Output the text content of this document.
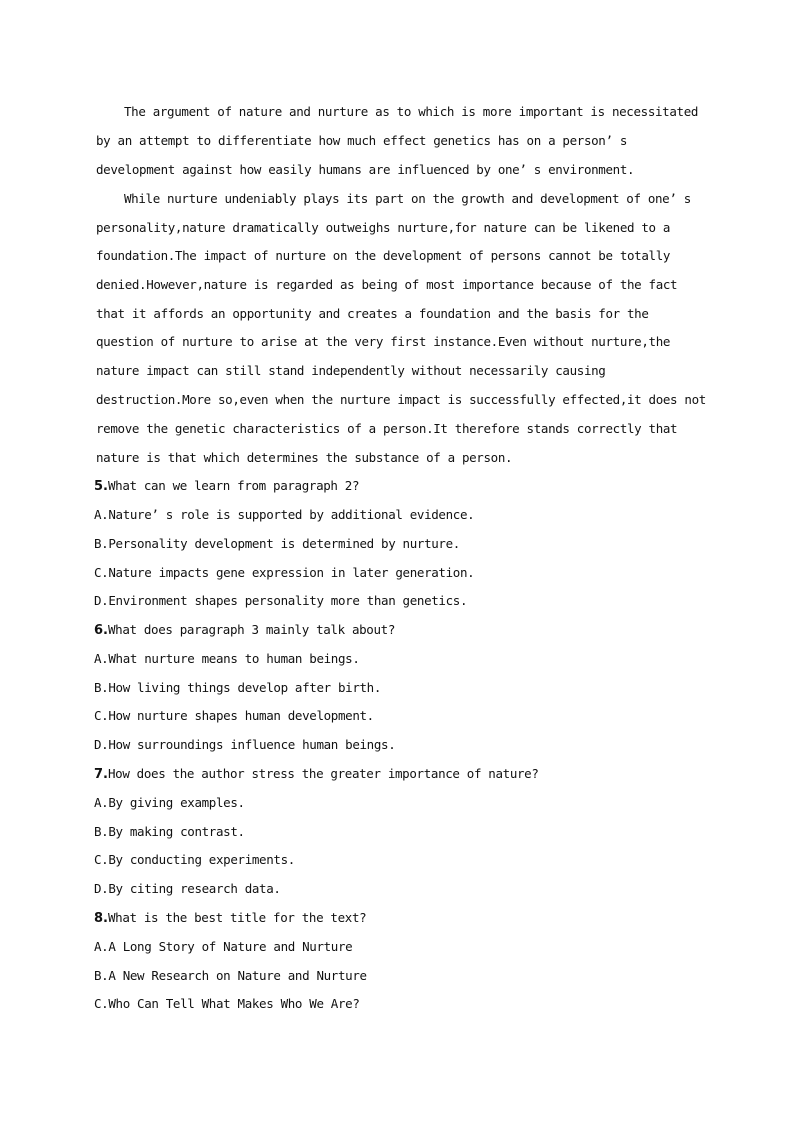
The argument of nature and nurture as to which is more important is necessitated
by an attempt to differentiate how much effect genetics has on a person’ s
development against how easily humans are influenced by one’ s environment.
While nurture undeniably plays its part on the growth and development of one’ s
personality,nature dramatically outweighs nurture,for nature can be likened to a
foundation.The impact of nurture on the development of persons cannot be totally
denied.However,nature is regarded as being of most importance because of the fact
that it affords an opportunity and creates a foundation and the basis for the
question of nurture to arise at the very first instance.Even without nurture,the
nature impact can still stand independently without necessarily causing
destruction.More so,even when the nurture impact is successfully effected,it does not
remove the genetic characteristics of a person.It therefore stands correctly that
nature is that which determines the substance of a person.
5.What can we learn from paragraph 2?
A.Nature’ s role is supported by additional evidence.
B.Personality development is determined by nurture.
C.Nature impacts gene expression in later generation.
D.Environment shapes personality more than genetics.
6.What does paragraph 3 mainly talk about?
A.What nurture means to human beings.
B.How living things develop after birth.
C.How nurture shapes human development.
D.How surroundings influence human beings.
7.How does the author stress the greater importance of nature?
A.By giving examples.
B.By making contrast.
C.By conducting experiments.
D.By citing research data.
8.What is the best title for the text?
A.A Long Story of Nature and Nurture
B.A New Research on Nature and Nurture
C.Who Can Tell What Makes Who We Are?
